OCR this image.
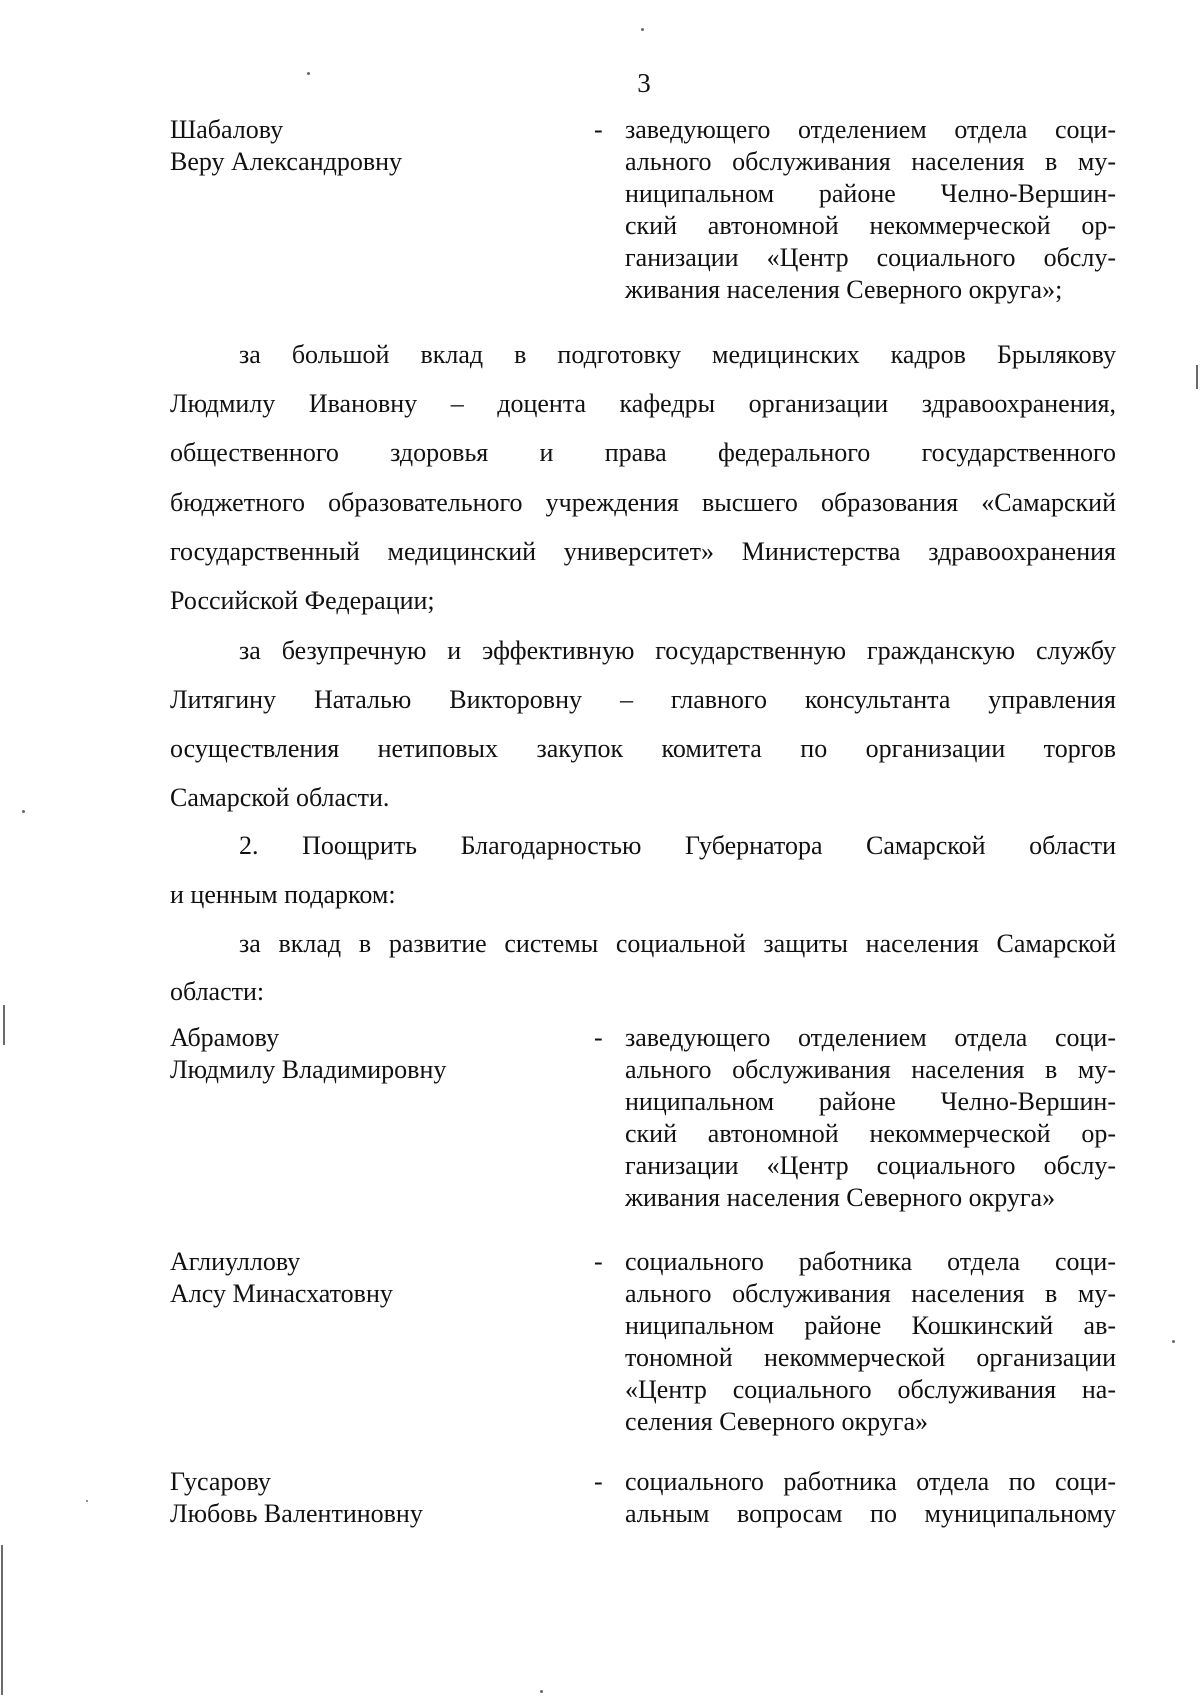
3
Шабалову
Веру Александровну
- заведующего отделением отдела соци-
ального обслуживания населения в му-
ниципальном районе Челно-Вершин-
ский автономной некоммерческой ор-
ганизации «Центр социального обслу-
живания населения Северного округа»;
за большой вклад в подготовку медицинских кадров Брылякову
Людмилу Ивановну – доцента кафедры организации здравоохранения,
общественного здоровья и права федерального государственного
бюджетного образовательного учреждения высшего образования «Самарский
государственный медицинский университет» Министерства здравоохранения
Российской Федерации;
за безупречную и эффективную государственную гражданскую службу
Литягину Наталью Викторовну – главного консультанта управления
осуществления нетиповых закупок комитета по организации торгов
Самарской области.
2. Поощрить Благодарностью Губернатора Самарской области
и ценным подарком:
за вклад в развитие системы социальной защиты населения Самарской
области:
Абрамову
Людмилу Владимировну
- заведующего отделением отдела соци-
ального обслуживания населения в му-
ниципальном районе Челно-Вершин-
ский автономной некоммерческой ор-
ганизации «Центр социального обслу-
живания населения Северного округа»
Аглиуллову
Алсу Минасхатовну
- социального работника отдела соци-
ального обслуживания населения в му-
ниципальном районе Кошкинский ав-
тономной некоммерческой организации
«Центр социального обслуживания на-
селения Северного округа»
Гусарову
Любовь Валентиновну
- социального работника отдела по соци-
альным вопросам по муниципальному
